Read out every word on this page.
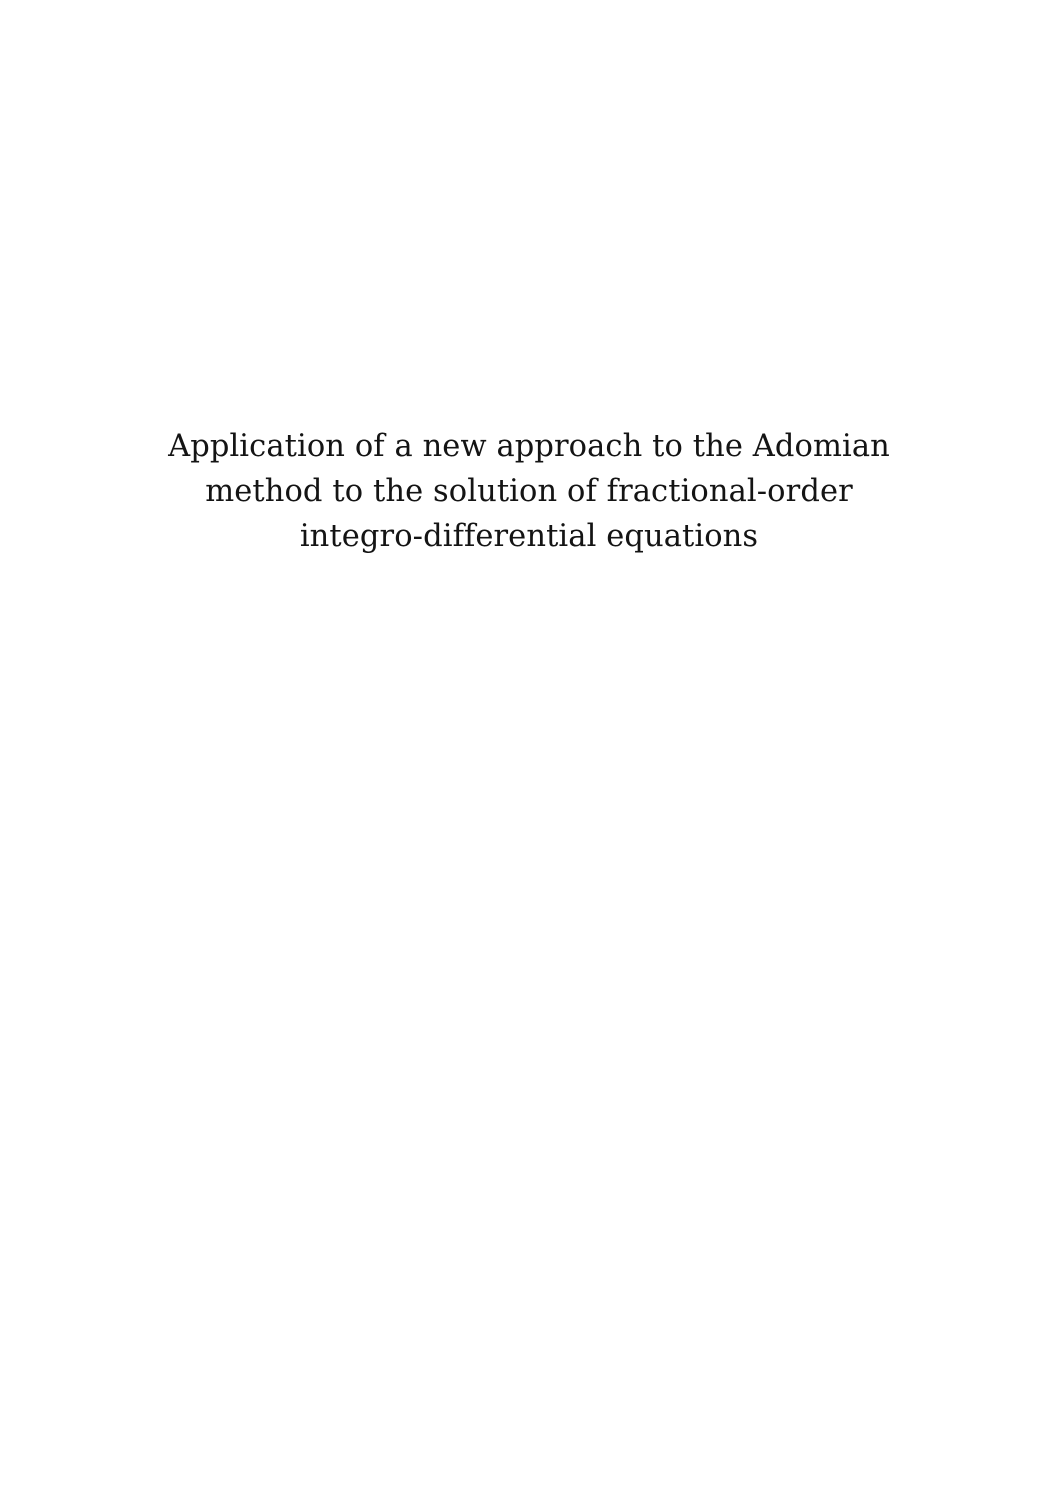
Application of a new approach to the Adomian
method to the solution of fractional-order
integro-differential equations
